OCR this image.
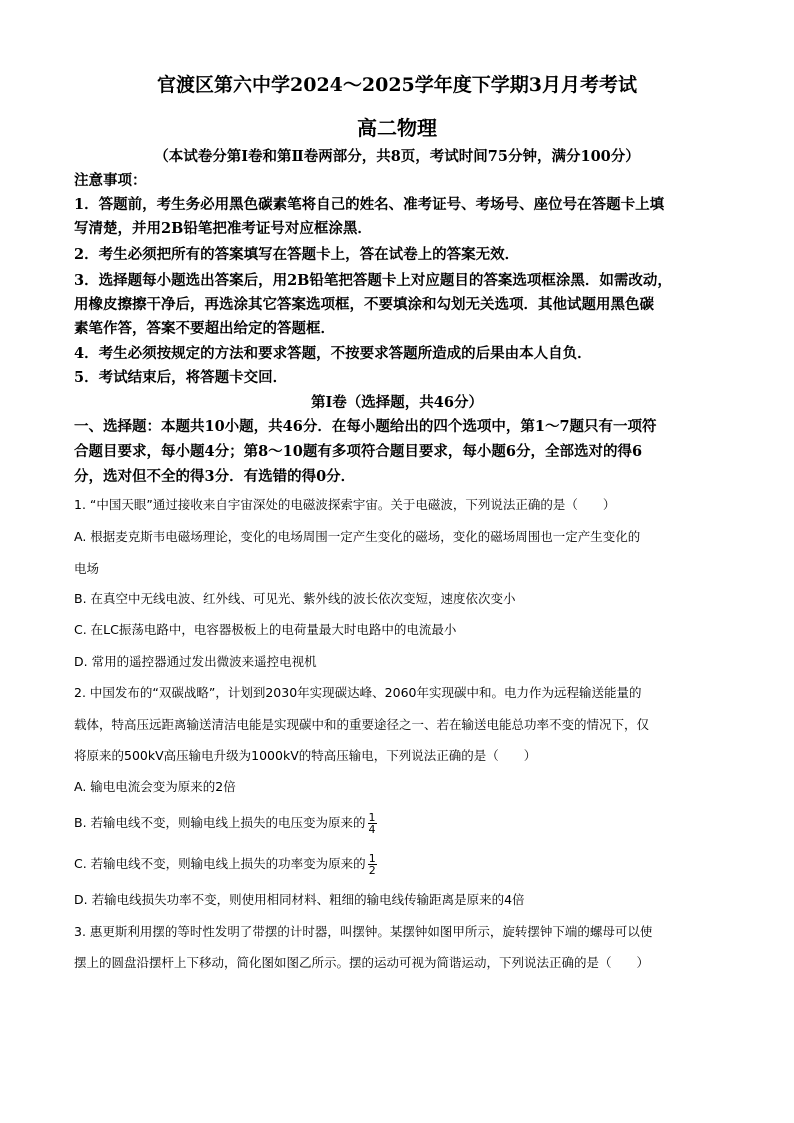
官渡区第六中学2024～2025学年度下学期3月月考考试
高二物理
（本试卷分第Ⅰ卷和第Ⅱ卷两部分，共8页，考试时间75分钟，满分100分）
注意事项：
1．答题前，考生务必用黑色碳素笔将自己的姓名、准考证号、考场号、座位号在答题卡上填
写清楚，并用2B铅笔把准考证号对应框涂黑．
2．考生必须把所有的答案填写在答题卡上，答在试卷上的答案无效．
3．选择题每小题选出答案后，用2B铅笔把答题卡上对应题目的答案选项框涂黑．如需改动，
用橡皮擦擦干净后，再选涂其它答案选项框，不要填涂和勾划无关选项．其他试题用黑色碳
素笔作答，答案不要超出给定的答题框．
4．考生必须按规定的方法和要求答题，不按要求答题所造成的后果由本人自负．
5．考试结束后，将答题卡交回．
第Ⅰ卷（选择题，共46分）
一、选择题：本题共10小题，共46分．在每小题给出的四个选项中，第1～7题只有一项符
合题目要求，每小题4分；第8～10题有多项符合题目要求，每小题6分，全部选对的得6
分，选对但不全的得3分．有选错的得0分．
1. “中国天眼”通过接收来自宇宙深处的电磁波探索宇宙。关于电磁波，下列说法正确的是（　　）
A. 根据麦克斯韦电磁场理论，变化的电场周围一定产生变化的磁场，变化的磁场周围也一定产生变化的
电场
B. 在真空中无线电波、红外线、可见光、紫外线的波长依次变短，速度依次变小
C. 在LC振荡电路中，电容器极板上的电荷量最大时电路中的电流最小
D. 常用的遥控器通过发出微波来遥控电视机
2. 中国发布的“双碳战略”，计划到2030年实现碳达峰、2060年实现碳中和。电力作为远程输送能量的
载体，特高压远距离输送清洁电能是实现碳中和的重要途径之一、若在输送电能总功率不变的情况下，仅
将原来的500kV高压输电升级为1000kV的特高压输电，下列说法正确的是（　　）
A. 输电电流会变为原来的2倍
B. 若输电线不变，则输电线上损失的电压变为原来的 $\frac{1}{4}$
C. 若输电线不变，则输电线上损失的功率变为原来的 $\frac{1}{2}$
D. 若输电线损失功率不变，则使用相同材料、粗细的输电线传输距离是原来的4倍
3. 惠更斯利用摆的等时性发明了带摆的计时器，叫摆钟。某摆钟如图甲所示，旋转摆钟下端的螺母可以使
摆上的圆盘沿摆杆上下移动，简化图如图乙所示。摆的运动可视为简谐运动，下列说法正确的是（　　）
